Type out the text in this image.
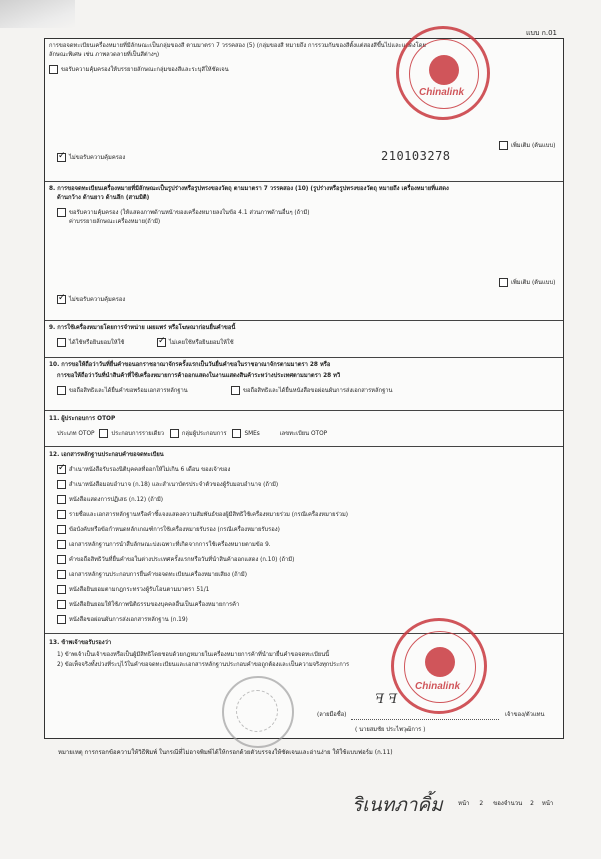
แบบ ก.01
การขอจดทะเบียนเครื่องหมายที่มีลักษณะเป็นกลุ่มของสี ตามมาตรา 7 วรรคสอง (5) (กลุ่มของสี หมายถึง การรวมกันของสีตั้งแต่สองสีขึ้นไปและแสดงโดย
ลักษณะพิเศษ เช่น ภาพลวดลายที่เป็นสีต่างๆ)
ขอรับความคุ้มครองให้บรรยายลักษณะกลุ่มของสีและระบุสีให้ชัดเจน
เพิ่มเติม (ต้นแบบ)
✓ไม่ขอรับความคุ้มครอง	210103278
8. การขอจดทะเบียนเครื่องหมายที่มีลักษณะเป็นรูปร่างหรือรูปทรงของวัตถุ ตามมาตรา 7 วรรคสอง (10) (รูปร่างหรือรูปทรงของวัตถุ หมายถึง เครื่องหมายที่แสดง
ด้านกว้าง ด้านยาว ด้านลึก (สามมิติ)
ขอรับความคุ้มครอง (ให้แสดงภาพด้านหน้าของเครื่องหมายลงในข้อ 4.1 ส่วนภาพด้านอื่นๆ (ถ้ามี)
ค่าบรรยายลักษณะเครื่องหมาย(ถ้ามี)
เพิ่มเติม (ต้นแบบ)
✓ไม่ขอรับความคุ้มครอง
9. การใช้เครื่องหมายโดยการจำหน่าย เผยแพร่ หรือโฆษณาก่อนยื่นคำขอนี้
ได้ใช้หรือยินยอมให้ใช้
✓	ไม่เคยใช้หรือยินยอมให้ใช้
10. การขอให้ถือว่าวันที่ยื่นคำขอนอกราชอาณาจักรครั้งแรกเป็นวันยื่นคำขอในราชอาณาจักรตามมาตรา 28 หรือ
การขอให้ถือว่าวันที่นำสินค้าที่ใช้เครื่องหมายการค้าออกแสดงในงานแสดงสินค้าระหว่างประเทศตามมาตรา 28 ทวิ
ขอถือสิทธิและได้ยื่นคำขอพร้อมเอกสารหลักฐาน	ขอถือสิทธิและได้ยื่นหนังสือขอผ่อนผันการส่งเอกสารหลักฐาน
11. ผู้ประกอบการ OTOP
ประเภท OTOP	ประกอบการรายเดียว	กลุ่มผู้ประกอบการ	SMEs	เลขทะเบียน OTOP
12. เอกสารหลักฐานประกอบคำขอจดทะเบียน
✓สำเนาหนังสือรับรองนิติบุคคลที่ออกให้ไม่เกิน 6 เดือน ของเจ้าของ
สำเนาหนังสือมอบอำนาจ (ก.18) และสำเนาบัตรประจำตัวของผู้รับมอบอำนาจ (ถ้ามี)
หนังสือแสดงการปฏิเสธ (ก.12) (ถ้ามี)
รายชื่อและเอกสารหลักฐานหรือคำชี้แจงแสดงความสัมพันธ์ของผู้มีสิทธิใช้เครื่องหมายร่วม (กรณีเครื่องหมายร่วม)
ข้อบังคับหรือข้อกำหนดหลักเกณฑ์การใช้เครื่องหมายรับรอง (กรณีเครื่องหมายรับรอง)
เอกสารหลักฐานการนำสืบลักษณะบ่งเฉพาะที่เกิดจากการใช้เครื่องหมายตามข้อ 9.
คำขอถือสิทธิวันที่ยื่นคำขอในต่างประเทศครั้งแรกหรือวันที่นำสินค้าออกแสดง (ก.10) (ถ้ามี)
เอกสารหลักฐานประกอบการยื่นคำขอจดทะเบียนเครื่องหมายเสียง (ถ้ามี)
หนังสือยินยอมตามกฎกระทรวงผู้รับโอนตามมาตรา 51/1
หนังสือยินยอมให้ใช้ภาพนิติธรรมของบุคคลอื่นเป็นเครื่องหมายการค้า
หนังสือขอผ่อนผันการส่งเอกสารหลักฐาน (ก.19)
13. ข้าพเจ้าขอรับรองว่า
1) ข้าพเจ้าเป็นเจ้าของหรือเป็นผู้มีสิทธิโดยชอบด้วยกฎหมายในเครื่องหมายการค้าที่นำมายื่นคำขอจดทะเบียนนี้
2) ข้อเท็จจริงทั้งปวงที่ระบุไว้ในคำขอจดทะเบียนและเอกสารหลักฐานประกอบคำขอถูกต้องและเป็นความจริงทุกประการ
(ลายมือชื่อ)	เจ้าของ/ตัวแทน
( นายสมชัย ประไพวุฒิการ )
ꟻ ꟻ
Chinalink
Chinalink
หมายเหตุ การกรอกข้อความให้วิธีพิมพ์ ในกรณีที่ไม่อาจพิมพ์ได้ให้กรอกด้วยตัวบรรจงให้ชัดเจนและอ่านง่าย ให้ใช้แบบฟอร์ม (ก.11)
ริเนทภาคิ้ม	หน้า 2 ของจำนวน 2 หน้า
